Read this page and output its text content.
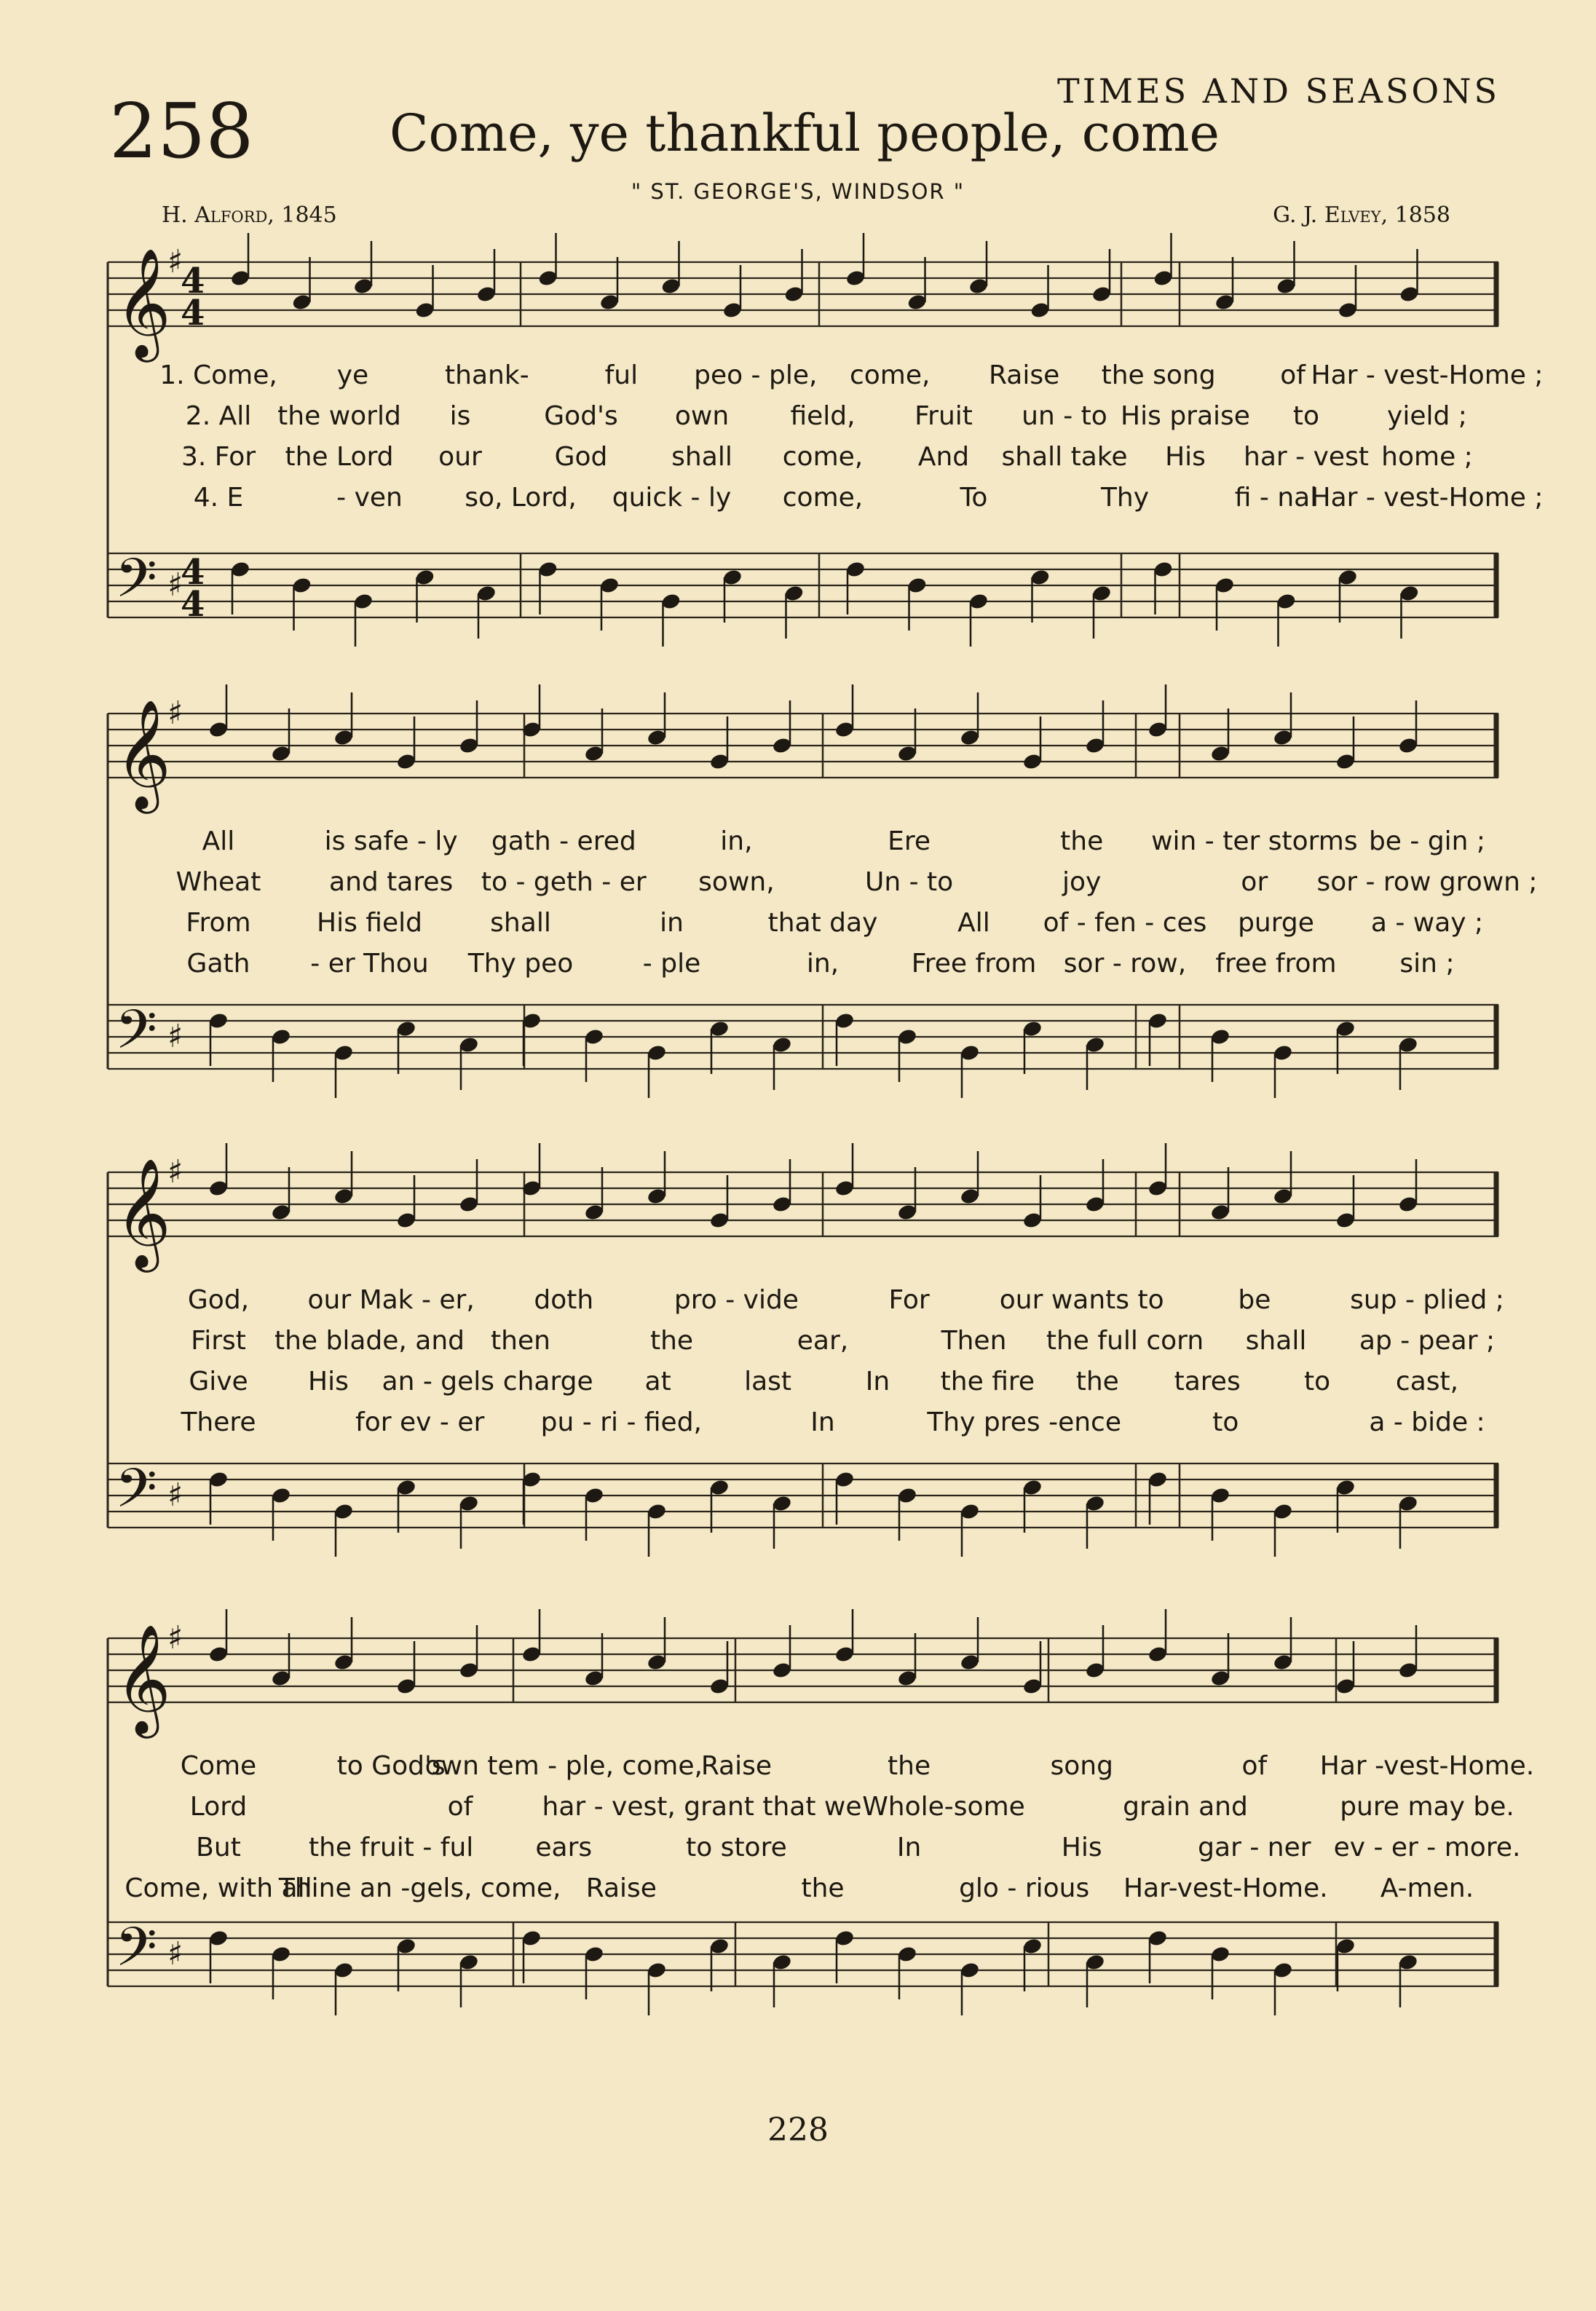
TIMES AND SEASONS
258	Come, ye thankful people, come
" ST. GEORGE'S, WINDSOR "
H. Alford, 1845	G. J. Elvey, 1858
𝄞
♯
𝄢 ♯
4
4
4
4
𝄞
♯
𝄢 ♯
𝄞
♯
𝄢 ♯
𝄞
♯
𝄢 ♯
1. Come, ye	thank-	ful peo - ple, come, Raise the song of Har - vest-Home ;
2. All the world is	God's own field, Fruit un - to His praise to	yield ;
3. For the Lord our	God shall come, And shall take His har - vest home ;
4. E	- ven so, Lord, quick - ly come,	To	Thy	fi - nal
Har - vest-Home ;
All	is safe - ly gath - ered	in,	Ere	the win - ter storms be - gin ;
Wheat	and tares to - geth - er sown,	Un - to	joy	or sor - row grown ;
From	His field	shall	in	that day	All of - fen - ces purge a - way ;
Gath - er Thou Thy peo	- ple	in,	Free from sor - row, free from sin ;
God, our Mak - er, doth	pro - vide	For	our wants to	be	sup - plied ;
First the blade, and then	the	ear,	Then the full corn shall ap - pear ;
Give His an - gels charge at	last	In the fire the tares to cast,
There	for ev - er pu - ri - fied,	In	Thy pres -ence	to	a - bide :
Come	to God's
own tem - ple, come,
Raise	the	song	of Har -vest-Home.
Lord	of	har - vest, grant that we Whole-some	grain and	pure may be.
But	the fruit - ful ears	to store	In	His	gar - ner ev - er - more.
Come, with all
Thine an -gels, come, Raise	the	glo - rious Har-vest-Home. A-men.
228
